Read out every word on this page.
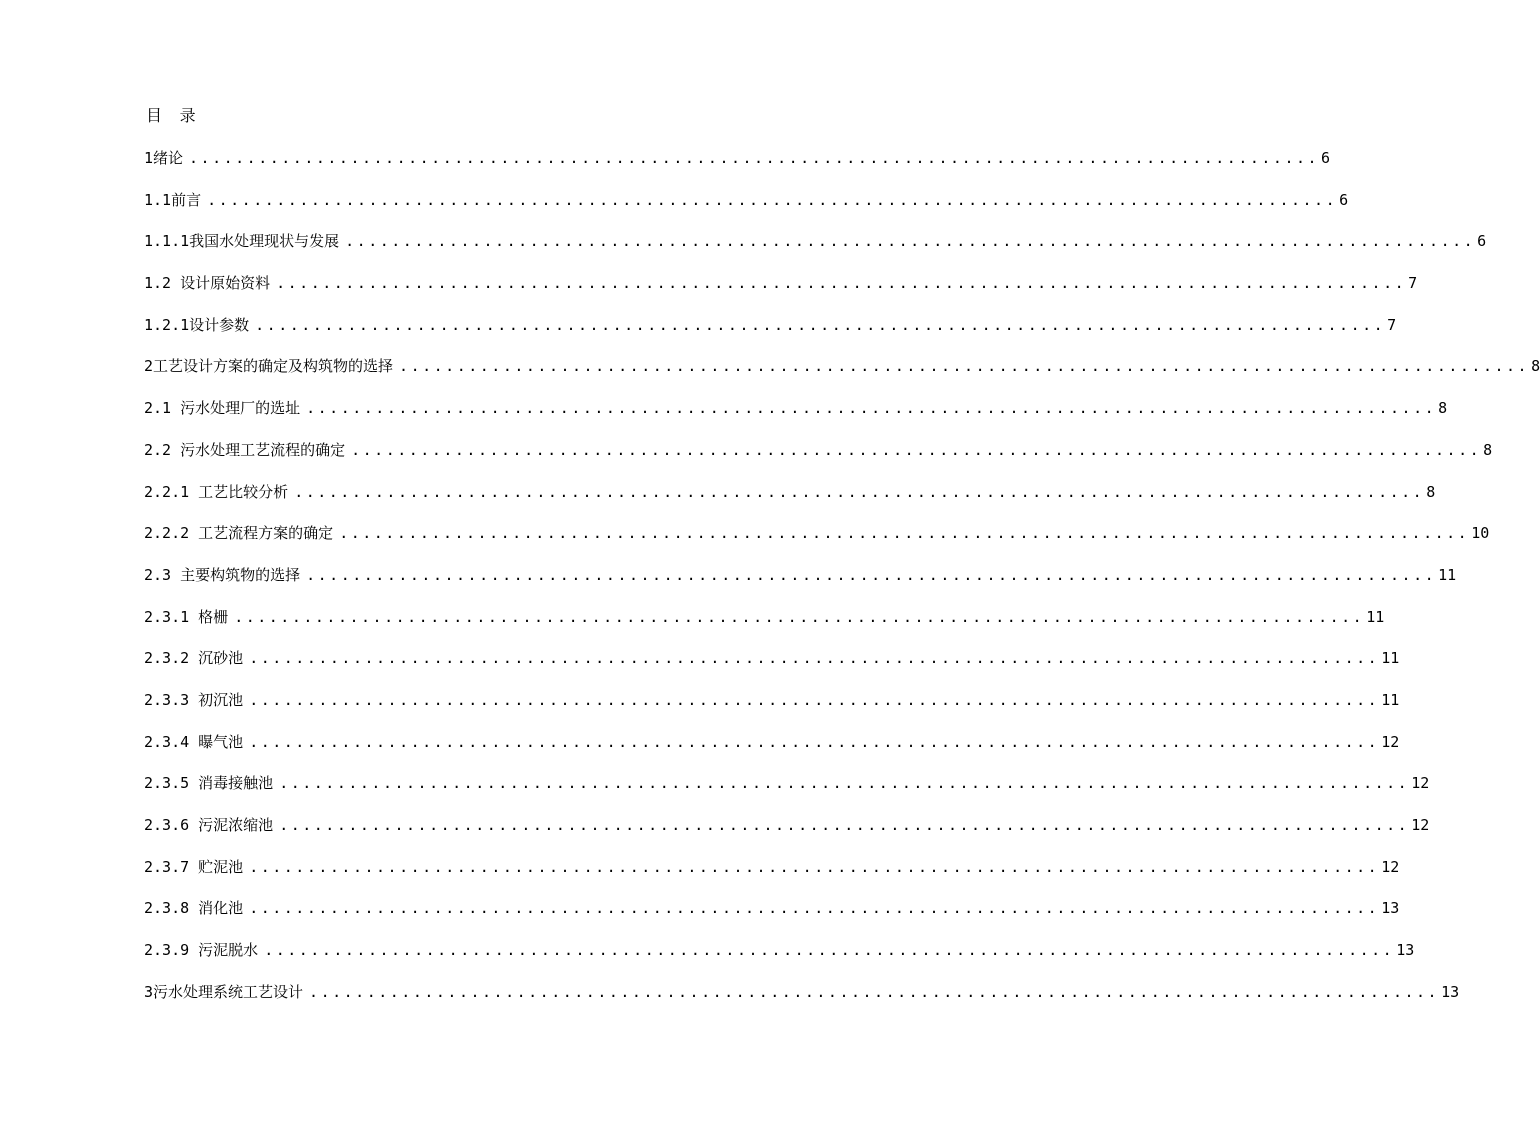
目 录
1绪论 .................................................................................................. 6
1.1前言 .................................................................................................. 6
1.1.1我国水处理现状与发展 .................................................................................................. 6
1.2 设计原始资料 .................................................................................................. 7
1.2.1设计参数 .................................................................................................. 7
2工艺设计方案的确定及构筑物的选择 .................................................................................................. 8
2.1 污水处理厂的选址 .................................................................................................. 8
2.2 污水处理工艺流程的确定 .................................................................................................. 8
2.2.1 工艺比较分析 .................................................................................................. 8
2.2.2 工艺流程方案的确定 .................................................................................................. 10
2.3 主要构筑物的选择 .................................................................................................. 11
2.3.1 格栅 .................................................................................................. 11
2.3.2 沉砂池 .................................................................................................. 11
2.3.3 初沉池 .................................................................................................. 11
2.3.4 曝气池 .................................................................................................. 12
2.3.5 消毒接触池 .................................................................................................. 12
2.3.6 污泥浓缩池 .................................................................................................. 12
2.3.7 贮泥池 .................................................................................................. 12
2.3.8 消化池 .................................................................................................. 13
2.3.9 污泥脱水 .................................................................................................. 13
3污水处理系统工艺设计 .................................................................................................. 13
